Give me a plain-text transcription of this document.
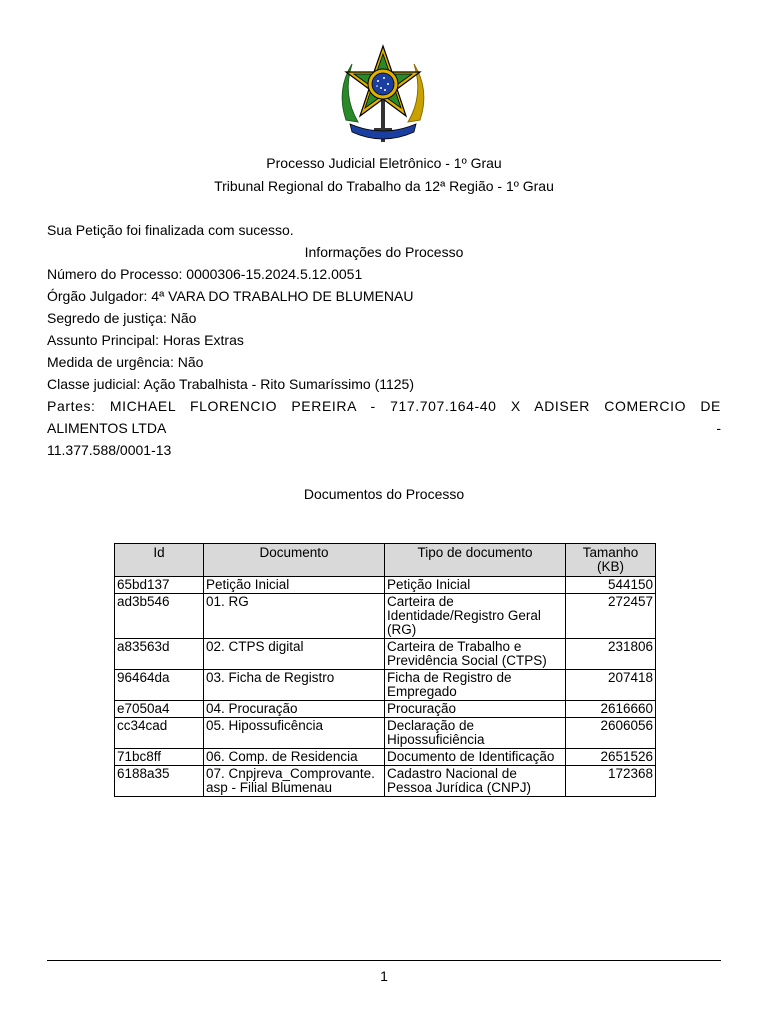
Processo Judicial Eletrônico - 1º Grau
Tribunal Regional do Trabalho da 12ª Região - 1º Grau
Sua Petição foi finalizada com sucesso.
Informações do Processo
Número do Processo: 0000306-15.2024.5.12.0051
Órgão Julgador: 4ª VARA DO TRABALHO DE BLUMENAU
Segredo de justiça: Não
Assunto Principal: Horas Extras
Medida de urgência: Não
Classe judicial: Ação Trabalhista - Rito Sumaríssimo (1125)
Partes: MICHAEL FLORENCIO PEREIRA - 717.707.164-40 X ADISER COMERCIO DE
ALIMENTOS LTDA	-
11.377.588/0001-13
Documentos do Processo
Id	Documento	Tipo de documento	Tamanho (KB)
65bd137	Petição Inicial	Petição Inicial	544150
ad3b546	01. RG	Carteira de Identidade/Registro Geral (RG)	272457
a83563d	02. CTPS digital	Carteira de Trabalho e Previdência Social (CTPS)	231806
96464da	03. Ficha de Registro	Ficha de Registro de Empregado	207418
e7050a4	04. Procuração	Procuração	2616660
cc34cad	05. Hipossuficência	Declaração de Hipossuficiência	2606056
71bc8ff	06. Comp. de Residencia	Documento de Identificação	2651526
6188a35	07. Cnpjreva_Comprovante.asp - Filial Blumenau	Cadastro Nacional de Pessoa Jurídica (CNPJ)	172368
1
